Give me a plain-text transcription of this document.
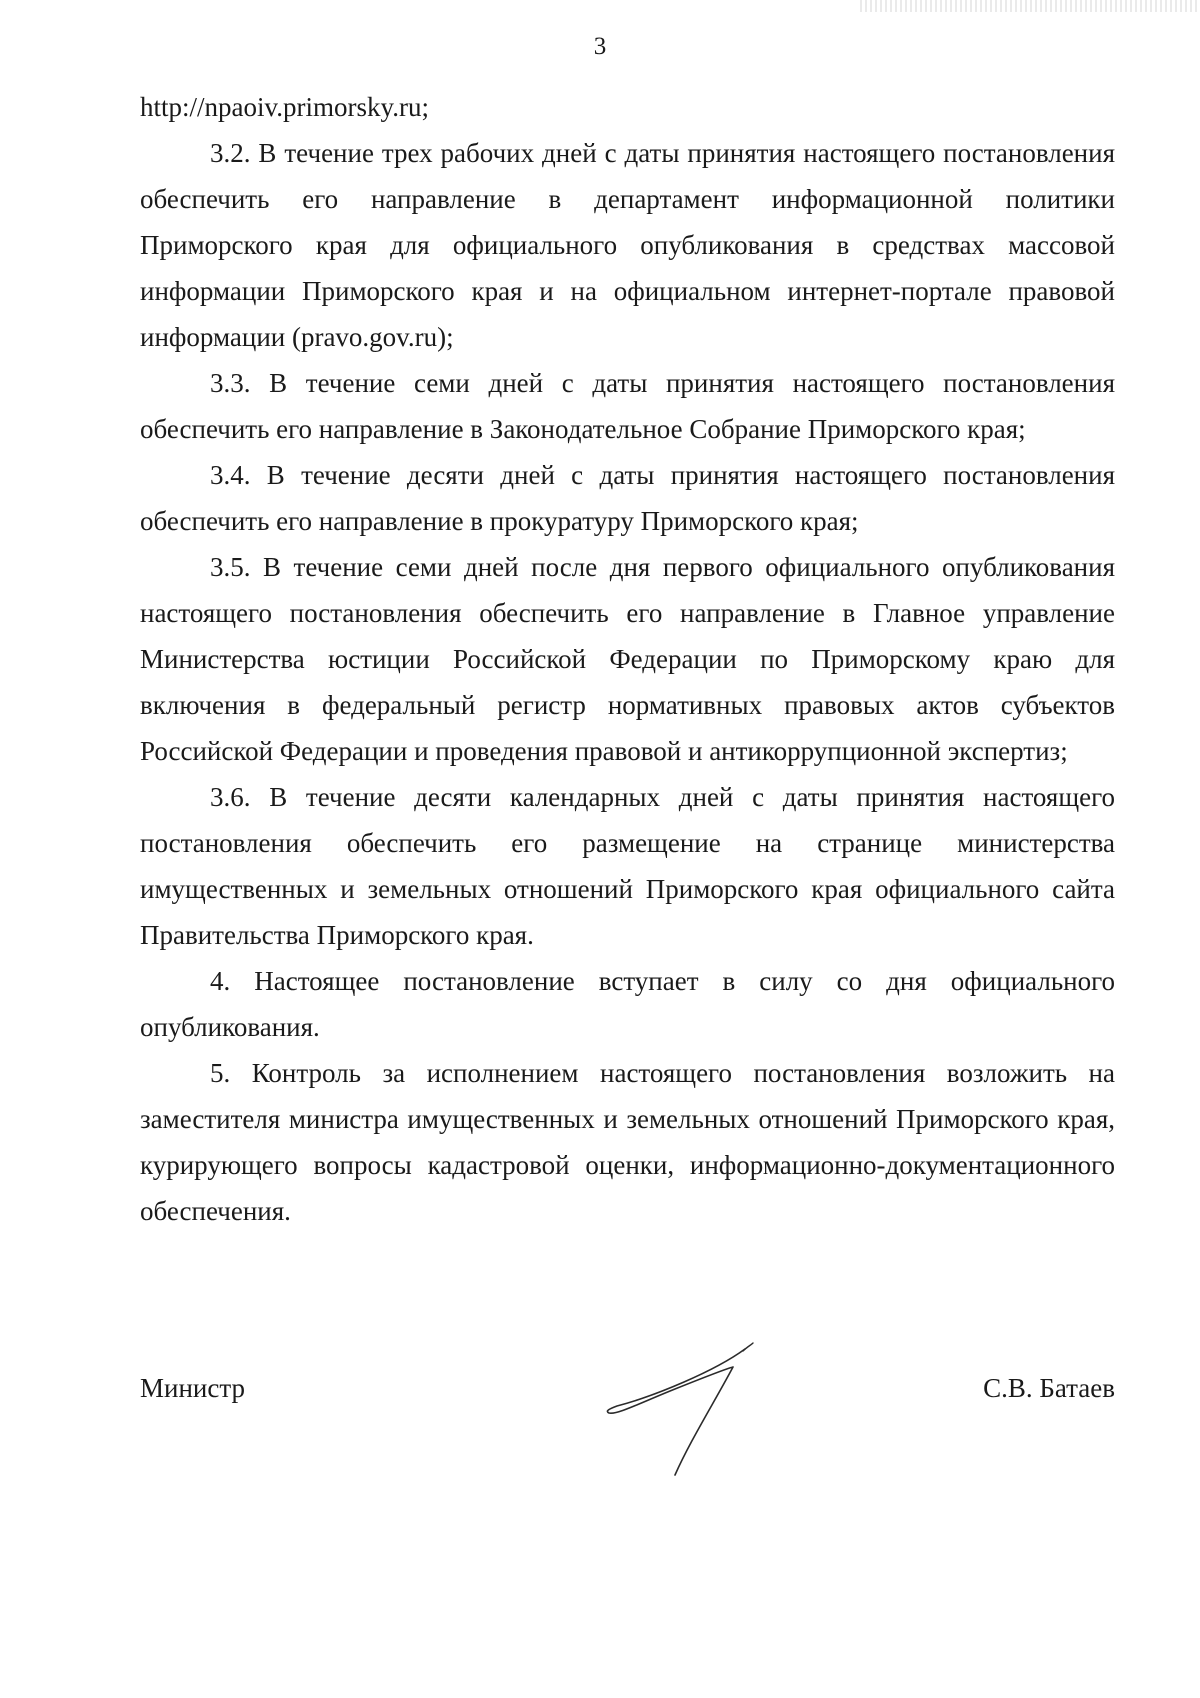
3

http://npaoiv.primorsky.ru;

3.2. В течение трех рабочих дней с даты принятия настоящего постановления обеспечить его направление в департамент информационной политики Приморского края для официального опубликования в средствах массовой информации Приморского края и на официальном интернет-портале правовой информации (pravo.gov.ru);

3.3. В течение семи дней с даты принятия настоящего постановления обеспечить его направление в Законодательное Собрание Приморского края;

3.4. В течение десяти дней с даты принятия настоящего постановления обеспечить его направление в прокуратуру Приморского края;

3.5. В течение семи дней после дня первого официального опубликования настоящего постановления обеспечить его направление в Главное управление Министерства юстиции Российской Федерации по Приморскому краю для включения в федеральный регистр нормативных правовых актов субъектов Российской Федерации и проведения правовой и антикоррупционной экспертиз;

3.6. В течение десяти календарных дней с даты принятия настоящего постановления обеспечить его размещение на странице министерства имущественных и земельных отношений Приморского края официального сайта Правительства Приморского края.

4. Настоящее постановление вступает в силу со дня официального опубликования.

5. Контроль за исполнением настоящего постановления возложить на заместителя министра имущественных и земельных отношений Приморского края, курирующего вопросы кадастровой оценки, информационно-документационного обеспечения.

Министр	С.В. Батаев
